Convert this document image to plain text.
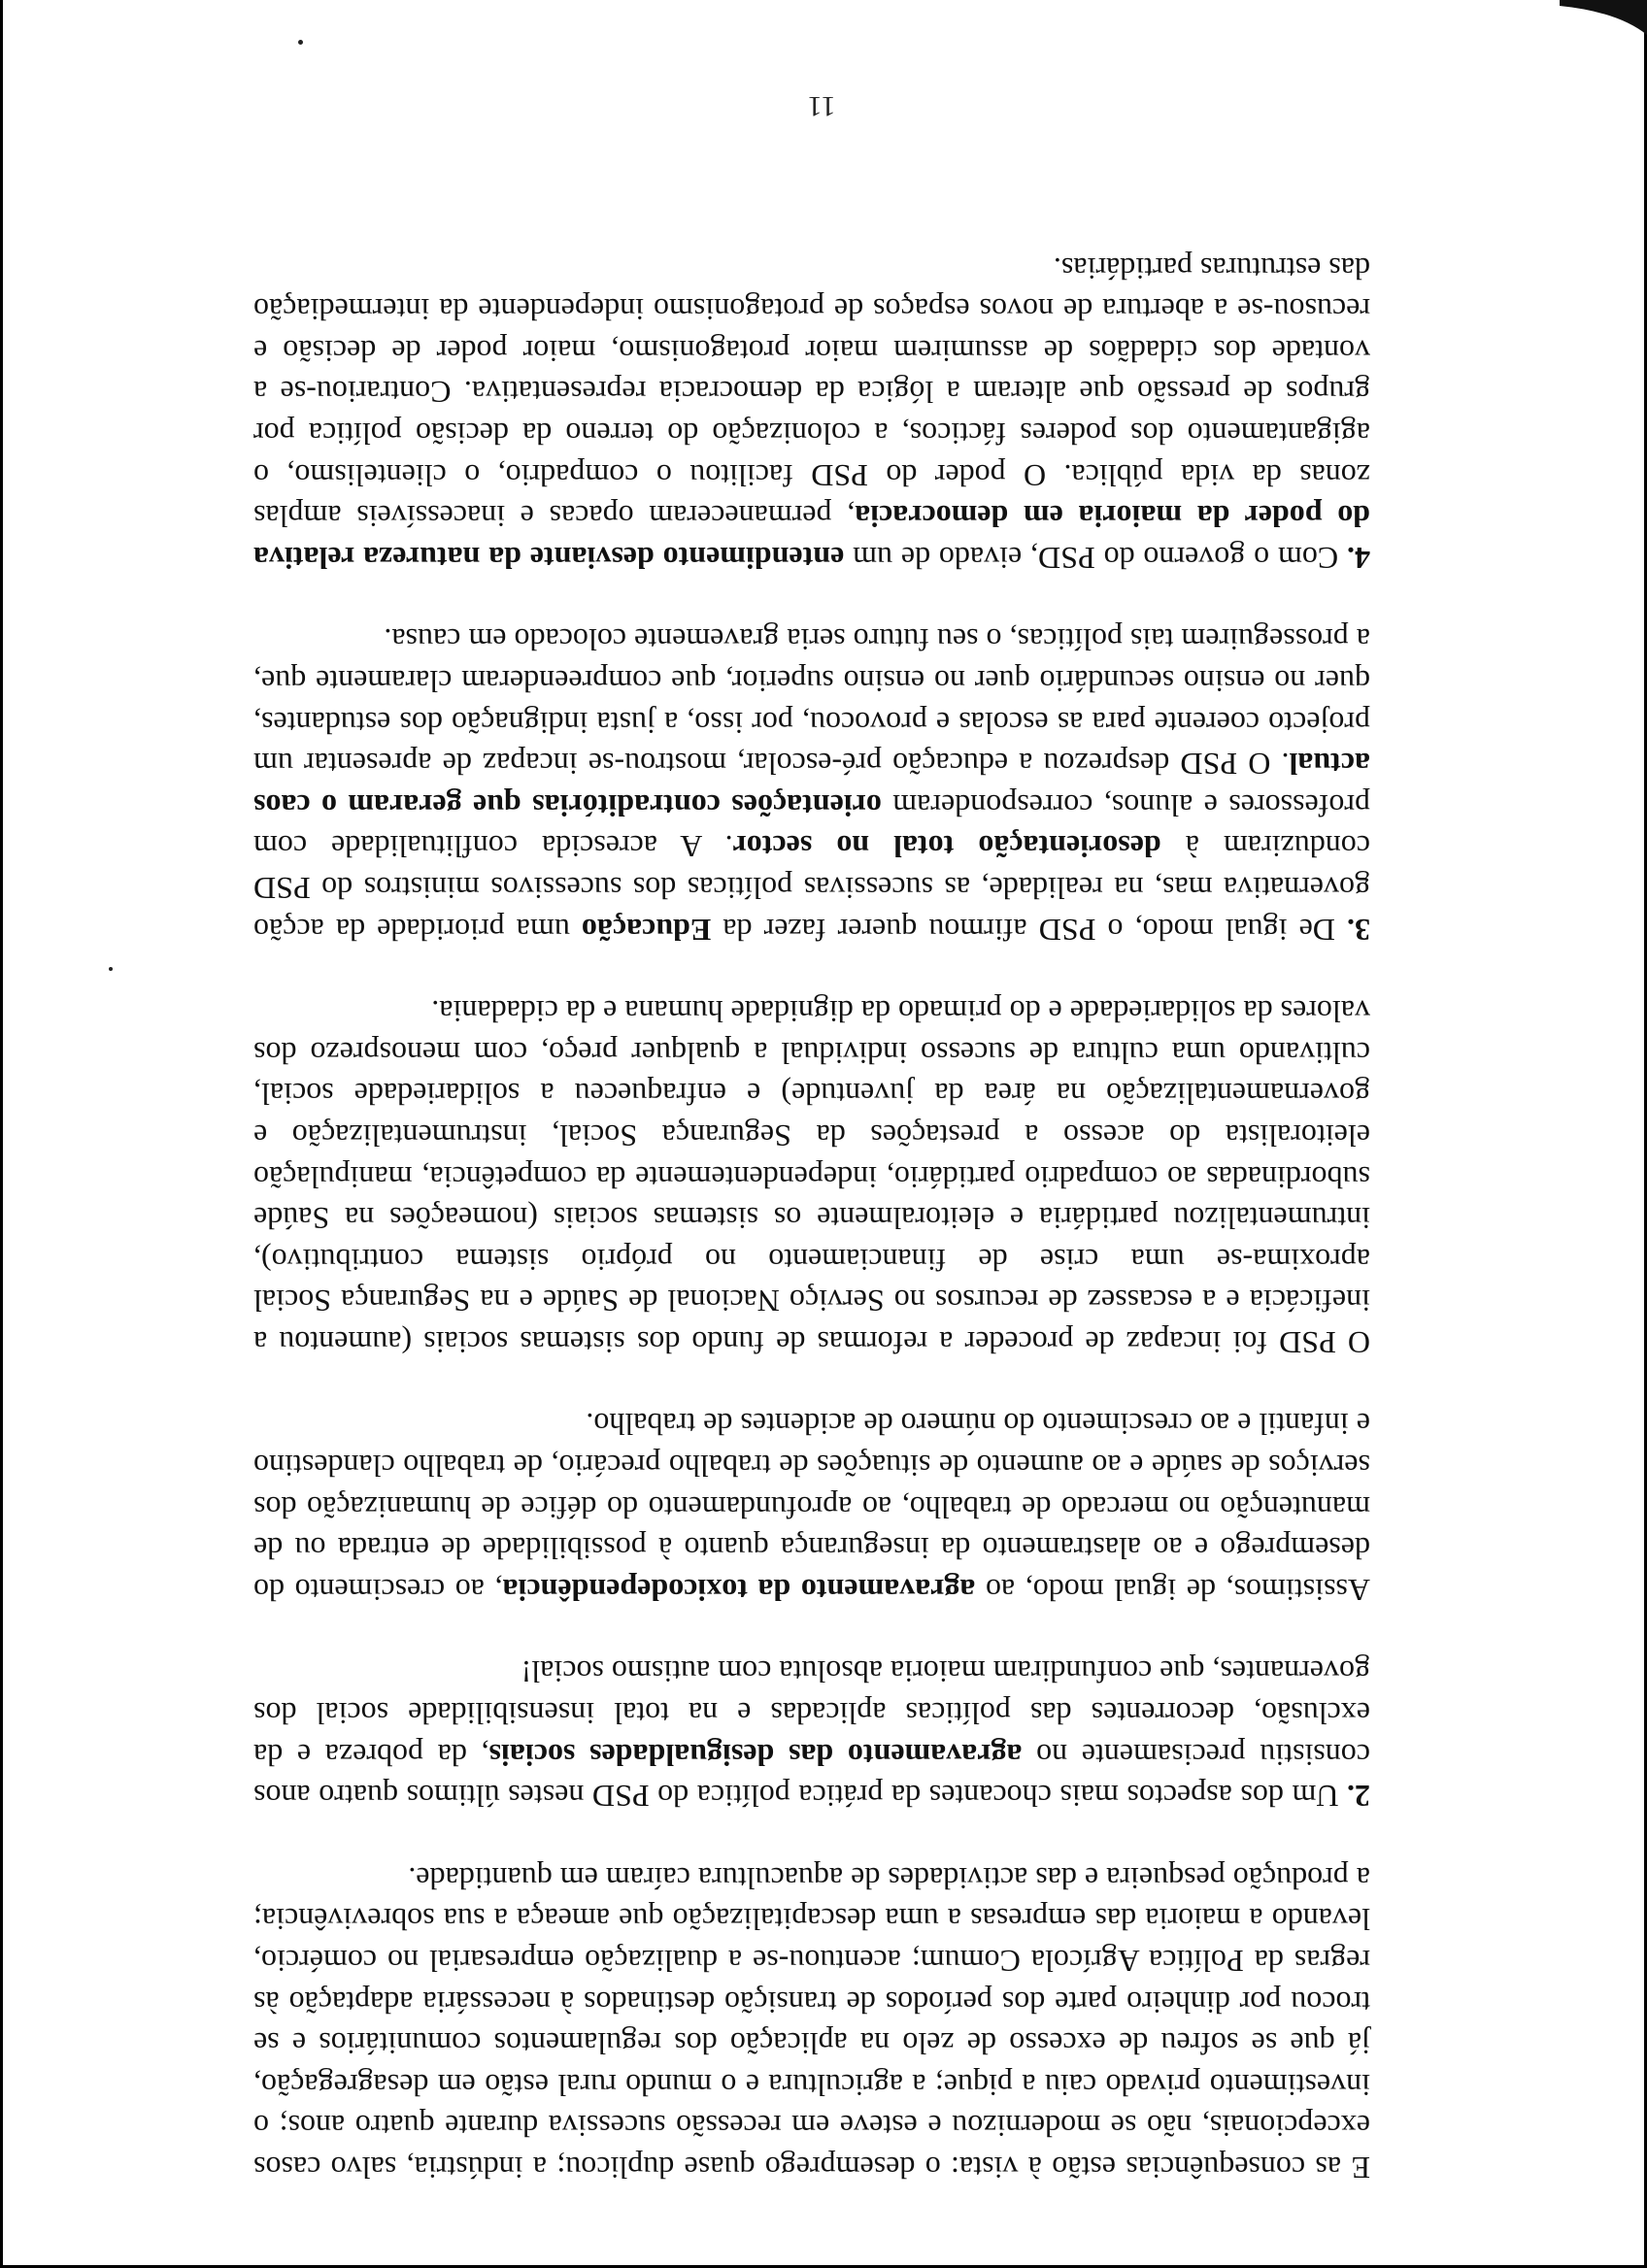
E as consequências estão à vista: o desemprego quase duplicou; a indústria, salvo casos excepcionais, não se modernizou e esteve em recessão sucessiva durante quatro anos; o investimento privado caiu a pique; a agricultura e o mundo rural estão em desagregação, já que se sofreu de excesso de zelo na aplicação dos regulamentos comunitários e se trocou por dinheiro parte dos períodos de transição destinados à necessária adaptação às regras da Política Agrícola Comum; acentuou-se a dualização empresarial no comércio, levando a maioria das empresas a uma descapitalização que ameaça a sua sobrevivência; a produção pesqueira e das actividades de aquacultura caíram em quantidade.

2. Um dos aspectos mais chocantes da prática política do PSD nestes últimos quatro anos consistiu precisamente no agravamento das desigualdades sociais, da pobreza e da exclusão, decorrentes das políticas aplicadas e na total insensibilidade social dos governantes, que confundiram maioria absoluta com autismo social!

Assistimos, de igual modo, ao agravamento da toxicodependência, ao crescimento do desemprego e ao alastramento da insegurança quanto à possibilidade de entrada ou de manutenção no mercado de trabalho, ao aprofundamento do défice de humanização dos serviços de saúde e ao aumento de situações de trabalho precário, de trabalho clandestino e infantil e ao crescimento do número de acidentes de trabalho.

O PSD foi incapaz de proceder a reformas de fundo dos sistemas sociais (aumentou a ineficácia e a escassez de recursos no Serviço Nacional de Saúde e na Segurança Social aproxima-se uma crise de financiamento no próprio sistema contributivo), intrumentalizou partidária e eleitoralmente os sistemas sociais (nomeações na Saúde subordinadas ao compadrio partidário, independentemente da competência, manipulação eleitoralista do acesso a prestações da Segurança Social, instrumentalização e governamentalização na área da juventude) e enfraqueceu a solidariedade social, cultivando uma cultura de sucesso individual a qualquer preço, com menosprezo dos valores da solidariedade e do primado da dignidade humana e da cidadania.

3. De igual modo, o PSD afirmou querer fazer da Educação uma prioridade da acção governativa mas, na realidade, as sucessivas políticas dos sucessivos ministros do PSD conduziram à desorientação total no sector. A acrescida conflitualidade com professores e alunos, corresponderam orientações contraditórias que geraram o caos actual. O PSD desprezou a educação pré-escolar, mostrou-se incapaz de apresentar um projecto coerente para as escolas e provocou, por isso, a justa indignação dos estudantes, quer no ensino secundário quer no ensino superior, que compreenderam claramente que, a prosseguirem tais políticas, o seu futuro seria gravemente colocado em causa.

4. Com o governo do PSD, eivado de um entendimento desviante da natureza relativa do poder da maioria em democracia, permaneceram opacas e inacessíveis amplas zonas da vida pública. O poder do PSD facilitou o compadrio, o clientelismo, o agigantamento dos poderes fácticos, a colonização do terreno da decisão política por grupos de pressão que alteram a lógica da democracia representativa. Contrariou-se a vontade dos cidadãos de assumirem maior protagonismo, maior poder de decisão e recusou-se a abertura de novos espaços de protagonismo independente da intermediação das estruturas partidárias.

11
